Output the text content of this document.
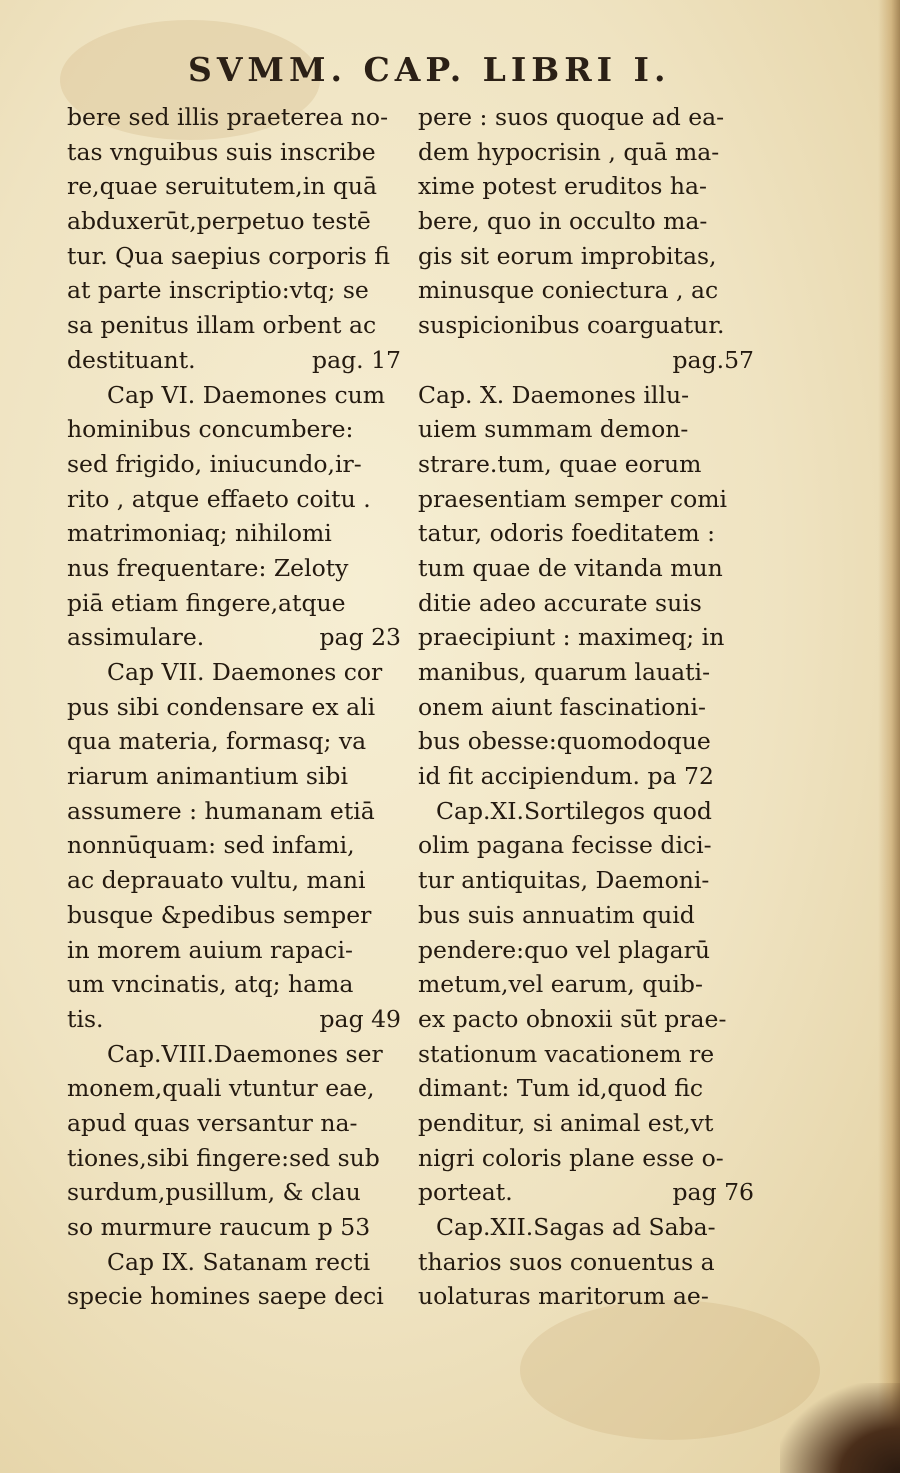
SVMM. CAP. LIBRI I.
bere sed illis praeterea no-
tas vnguibus suis inscribe
re,quae seruitutem,in quā
abduxerūt,perpetuo testē
tur. Qua saepius corporis fi
at parte inscriptio:vtq; se
sa penitus illam orbent ac
destituant.	pag. 17
Cap VI. Daemones cum
hominibus concumbere:
sed frigido, iniucundo,ir-
rito , atque effaeto coitu .
matrimoniaq; nihilomi
nus frequentare: Zeloty
piā etiam fingere,atque
assimulare.	pag 23
Cap VII. Daemones cor
pus sibi condensare ex ali
qua materia, formasq; va
riarum animantium sibi
assumere : humanam etiā
nonnūquam: sed infami,
ac deprauato vultu, mani
busque &pedibus semper
in morem auium rapaci-
um vncinatis, atq; hama
tis.	pag 49
Cap.VIII.Daemones ser
monem,quali vtuntur eae,
apud quas versantur na-
tiones,sibi fingere:sed sub
surdum,pusillum, & clau
so murmure raucum p 53
Cap IX. Satanam recti
specie homines saepe deci
pere : suos quoque ad ea-
dem hypocrisin , quā ma-
xime potest eruditos ha-
bere, quo in occulto ma-
gis sit eorum improbitas,
minusque coniectura , ac
suspicionibus coarguatur.
pag.57
Cap. X. Daemones illu-
uiem summam demon-
strare.tum, quae eorum
praesentiam semper comi
tatur, odoris foeditatem :
tum quae de vitanda mun
ditie adeo accurate suis
praecipiunt : maximeq; in
manibus, quarum lauati-
onem aiunt fascinationi-
bus obesse:quomodoque
id fit accipiendum. pa 72
Cap.XI.Sortilegos quod
olim pagana fecisse dici-
tur antiquitas, Daemoni-
bus suis annuatim quid
pendere:quo vel plagarū
metum,vel earum, quib-
ex pacto obnoxii sūt prae-
stationum vacationem re
dimant: Tum id,quod fic
penditur, si animal est,vt
nigri coloris plane esse o-
porteat.	pag 76
Cap.XII.Sagas ad Saba-
tharios suos conuentus a
uolaturas maritorum ae-
